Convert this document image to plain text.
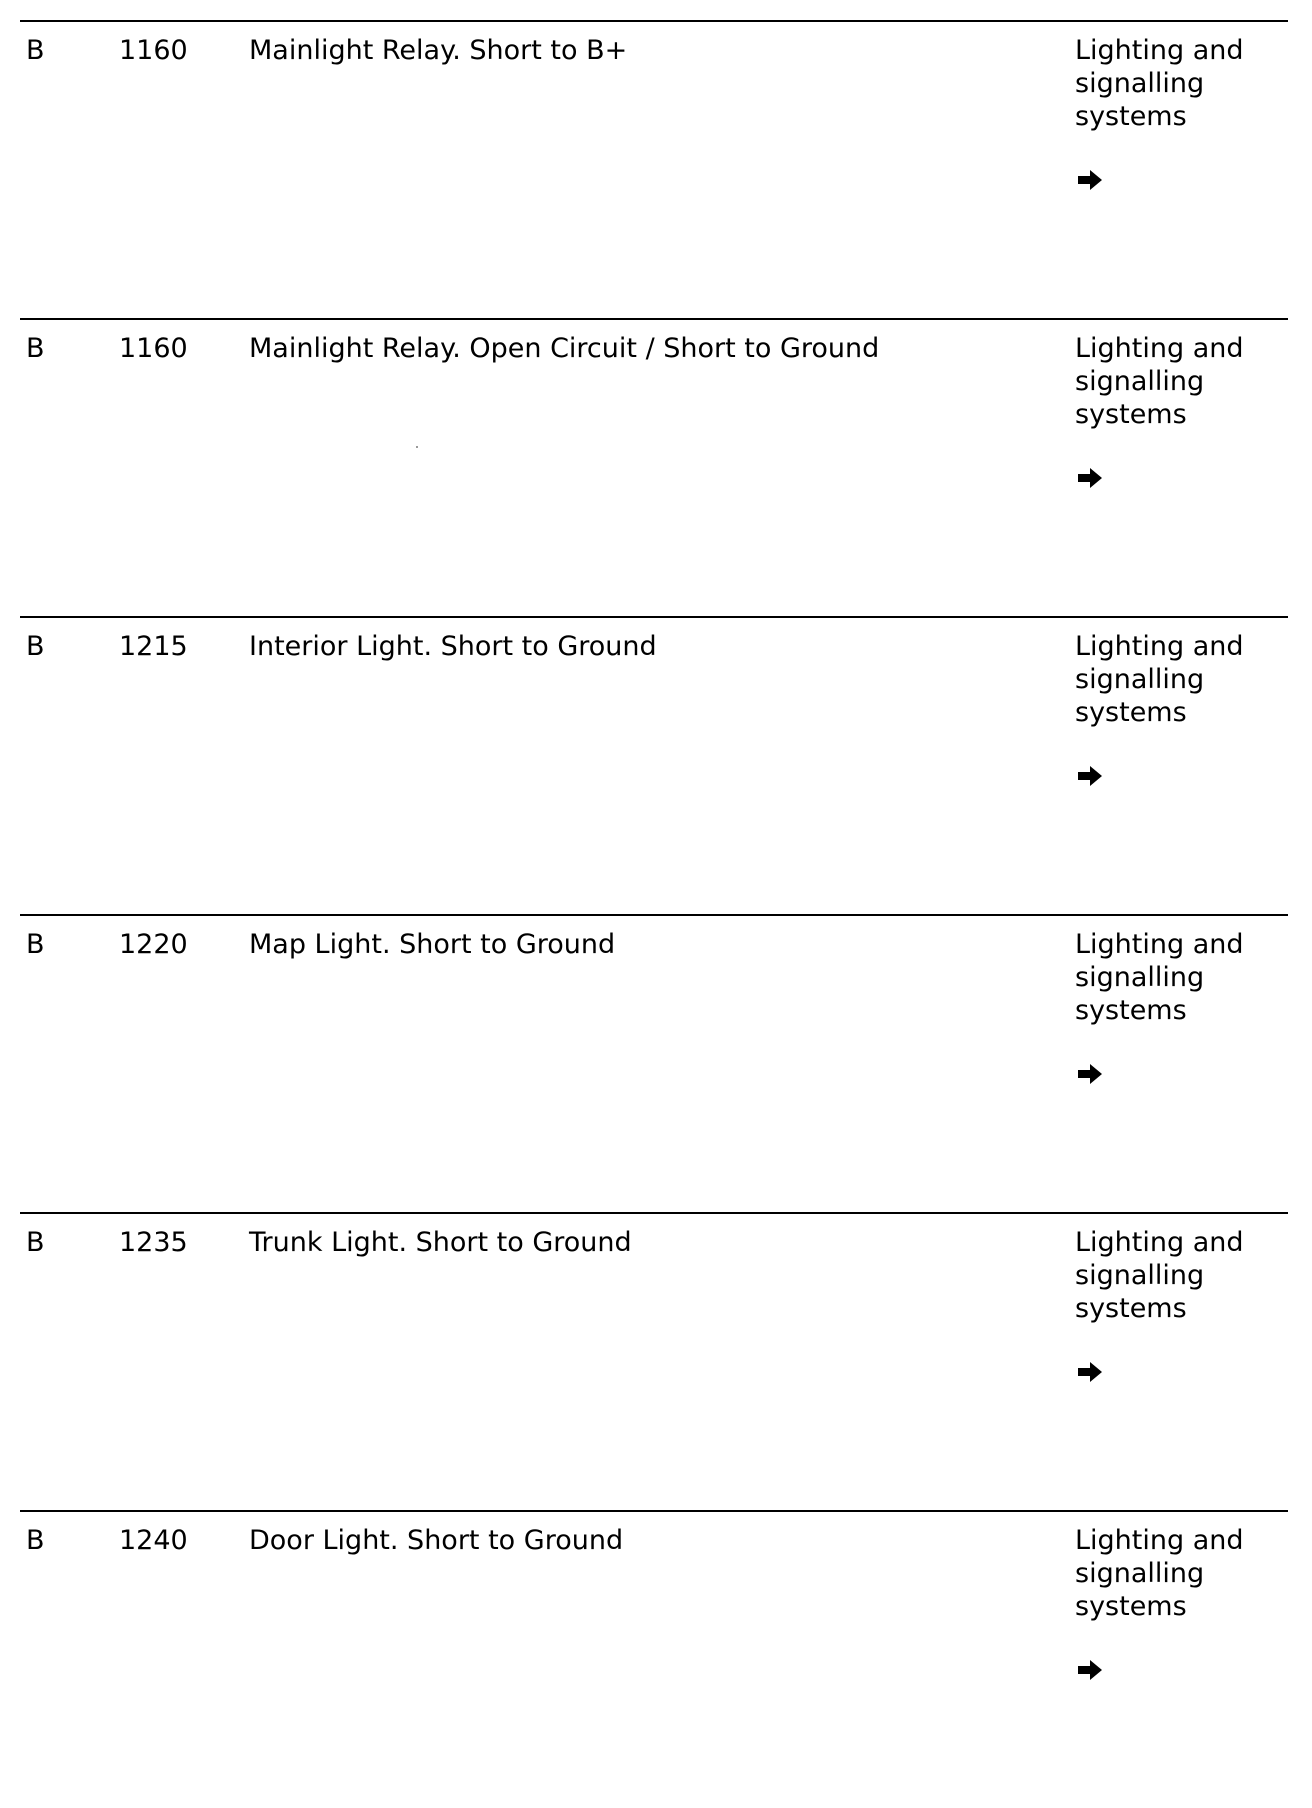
B	1160 Mainlight Relay. Short to B+	Lighting and signalling systems
B	1160 Mainlight Relay. Open Circuit / Short to Ground	Lighting and signalling systems
B	1215 Interior Light. Short to Ground	Lighting and signalling systems
B	1220 Map Light. Short to Ground	Lighting and signalling systems
B	1235 Trunk Light. Short to Ground	Lighting and signalling systems
B	1240 Door Light. Short to Ground	Lighting and signalling systems
